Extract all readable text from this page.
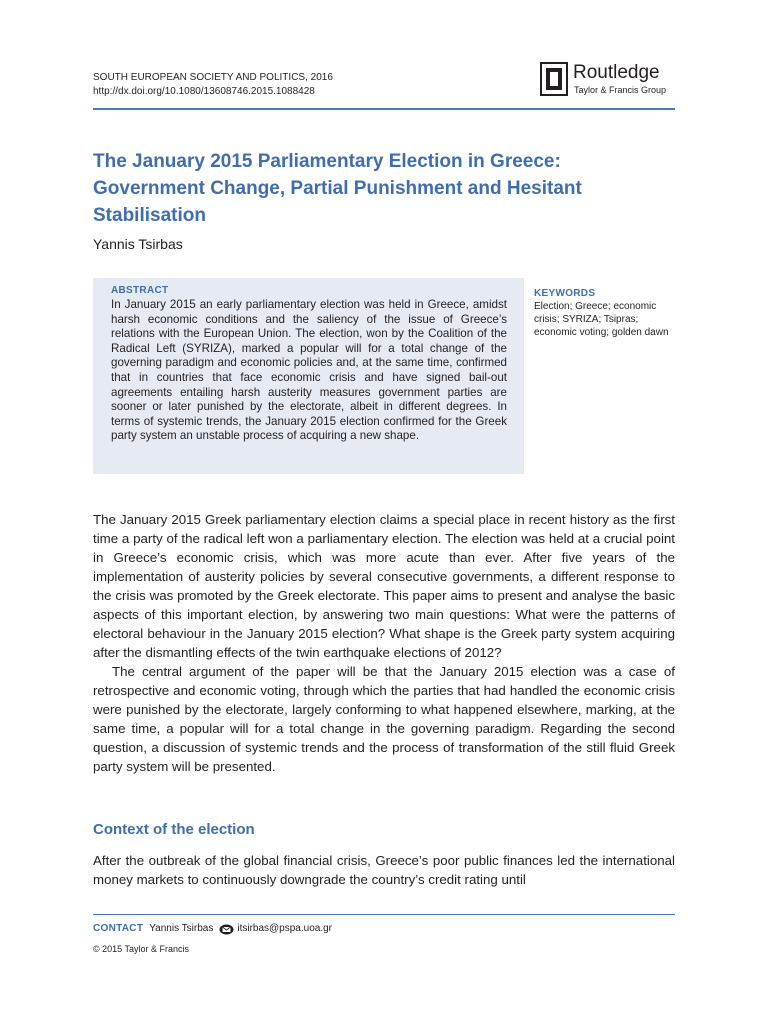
SOUTH EUROPEAN SOCIETY AND POLITICS, 2016
http://dx.doi.org/10.1080/13608746.2015.1088428
Routledge
Taylor & Francis Group
The January 2015 Parliamentary Election in Greece: Government Change, Partial Punishment and Hesitant Stabilisation
Yannis Tsirbas
ABSTRACT
In January 2015 an early parliamentary election was held in Greece, amidst harsh economic conditions and the saliency of the issue of Greece’s relations with the European Union. The election, won by the Coalition of the Radical Left (SYRIZA), marked a popular will for a total change of the governing paradigm and economic policies and, at the same time, confirmed that in countries that face economic crisis and have signed bail-out agreements entailing harsh austerity measures government parties are sooner or later punished by the electorate, albeit in different degrees. In terms of systemic trends, the January 2015 election confirmed for the Greek party system an unstable process of acquiring a new shape.
KEYWORDS
Election; Greece; economic crisis; SYRIZA; Tsipras; economic voting; golden dawn

The January 2015 Greek parliamentary election claims a special place in recent history as the first time a party of the radical left won a parliamentary election. The election was held at a crucial point in Greece’s economic crisis, which was more acute than ever. After five years of the implementation of austerity policies by several consecutive governments, a different response to the crisis was promoted by the Greek electorate. This paper aims to present and analyse the basic aspects of this important election, by answering two main questions: What were the patterns of electoral behaviour in the January 2015 election? What shape is the Greek party system acquiring after the dismantling effects of the twin earthquake elections of 2012?

The central argument of the paper will be that the January 2015 election was a case of retrospective and economic voting, through which the parties that had handled the economic crisis were punished by the electorate, largely conforming to what happened elsewhere, marking, at the same time, a popular will for a total change in the governing paradigm. Regarding the second question, a discussion of systemic trends and the process of transformation of the still fluid Greek party system will be presented.

Context of the election

After the outbreak of the global financial crisis, Greece’s poor public finances led the international money markets to continuously downgrade the country’s credit rating until

CONTACT Yannis Tsirbas itsirbas@pspa.uoa.gr
© 2015 Taylor & Francis
